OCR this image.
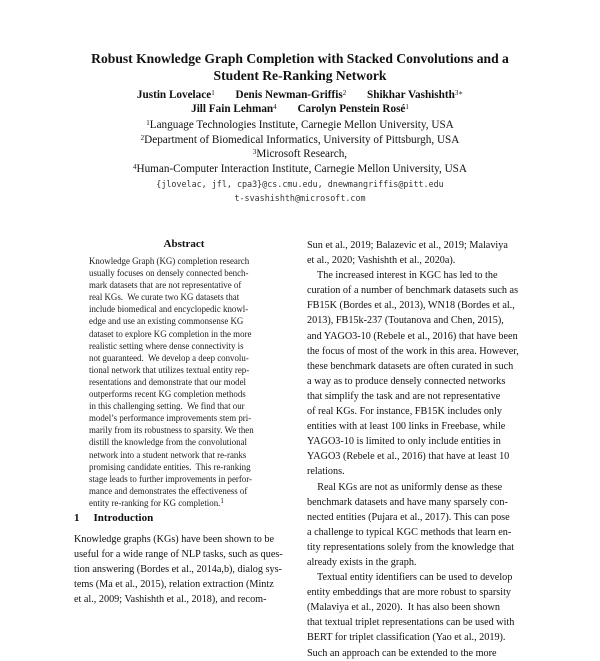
Robust Knowledge Graph Completion with Stacked Convolutions and a
Student Re-Ranking Network
Justin Lovelace$^1$ Denis Newman-Griffis$^2$ Shikhar Vashishth$^{3∗}$
Jill Fain Lehman$^4$ Carolyn Penstein Rosé$^1$
$^1$Language Technologies Institute, Carnegie Mellon University, USA
$^2$Department of Biomedical Informatics, University of Pittsburgh, USA
$^3$Microsoft Research,
$^4$Human-Computer Interaction Institute, Carnegie Mellon University, USA
{jlovelac, jfl, cpa3}@cs.cmu.edu, dnewmangriffis@pitt.edu
t-svashishth@microsoft.com
Abstract
Knowledge Graph (KG) completion research
usually focuses on densely connected bench-
mark datasets that are not representative of
real KGs.  We curate two KG datasets that
include biomedical and encyclopedic knowl-
edge and use an existing commonsense KG
dataset to explore KG completion in the more
realistic setting where dense connectivity is
not guaranteed.  We develop a deep convolu-
tional network that utilizes textual entity rep-
resentations and demonstrate that our model
outperforms recent KG completion methods
in this challenging setting.  We find that our
model’s performance improvements stem pri-
marily from its robustness to sparsity. We then
distill the knowledge from the convolutional
network into a student network that re-ranks
promising candidate entities.  This re-ranking
stage leads to further improvements in perfor-
mance and demonstrates the effectiveness of
entity re-ranking for KG completion.$^1$
1 Introduction
Knowledge graphs (KGs) have been shown to be
useful for a wide range of NLP tasks, such as ques-
tion answering (Bordes et al., 2014a,b), dialog sys-
tems (Ma et al., 2015), relation extraction (Mintz
et al., 2009; Vashishth et al., 2018), and recom-
Sun et al., 2019; Balazevic et al., 2019; Malaviya
et al., 2020; Vashishth et al., 2020a).
The increased interest in KGC has led to the
curation of a number of benchmark datasets such as
FB15K (Bordes et al., 2013), WN18 (Bordes et al.,
2013), FB15k-237 (Toutanova and Chen, 2015),
and YAGO3-10 (Rebele et al., 2016) that have been
the focus of most of the work in this area. However,
these benchmark datasets are often curated in such
a way as to produce densely connected networks
that simplify the task and are not representative
of real KGs. For instance, FB15K includes only
entities with at least 100 links in Freebase, while
YAGO3-10 is limited to only include entities in
YAGO3 (Rebele et al., 2016) that have at least 10
relations.
Real KGs are not as uniformly dense as these
benchmark datasets and have many sparsely con-
nected entities (Pujara et al., 2017). This can pose
a challenge to typical KGC methods that learn en-
tity representations solely from the knowledge that
already exists in the graph.
Textual entity identifiers can be used to develop
entity embeddings that are more robust to sparsity
(Malaviya et al., 2020).  It has also been shown
that textual triplet representations can be used with
BERT for triplet classification (Yao et al., 2019).
Such an approach can be extended to the more
